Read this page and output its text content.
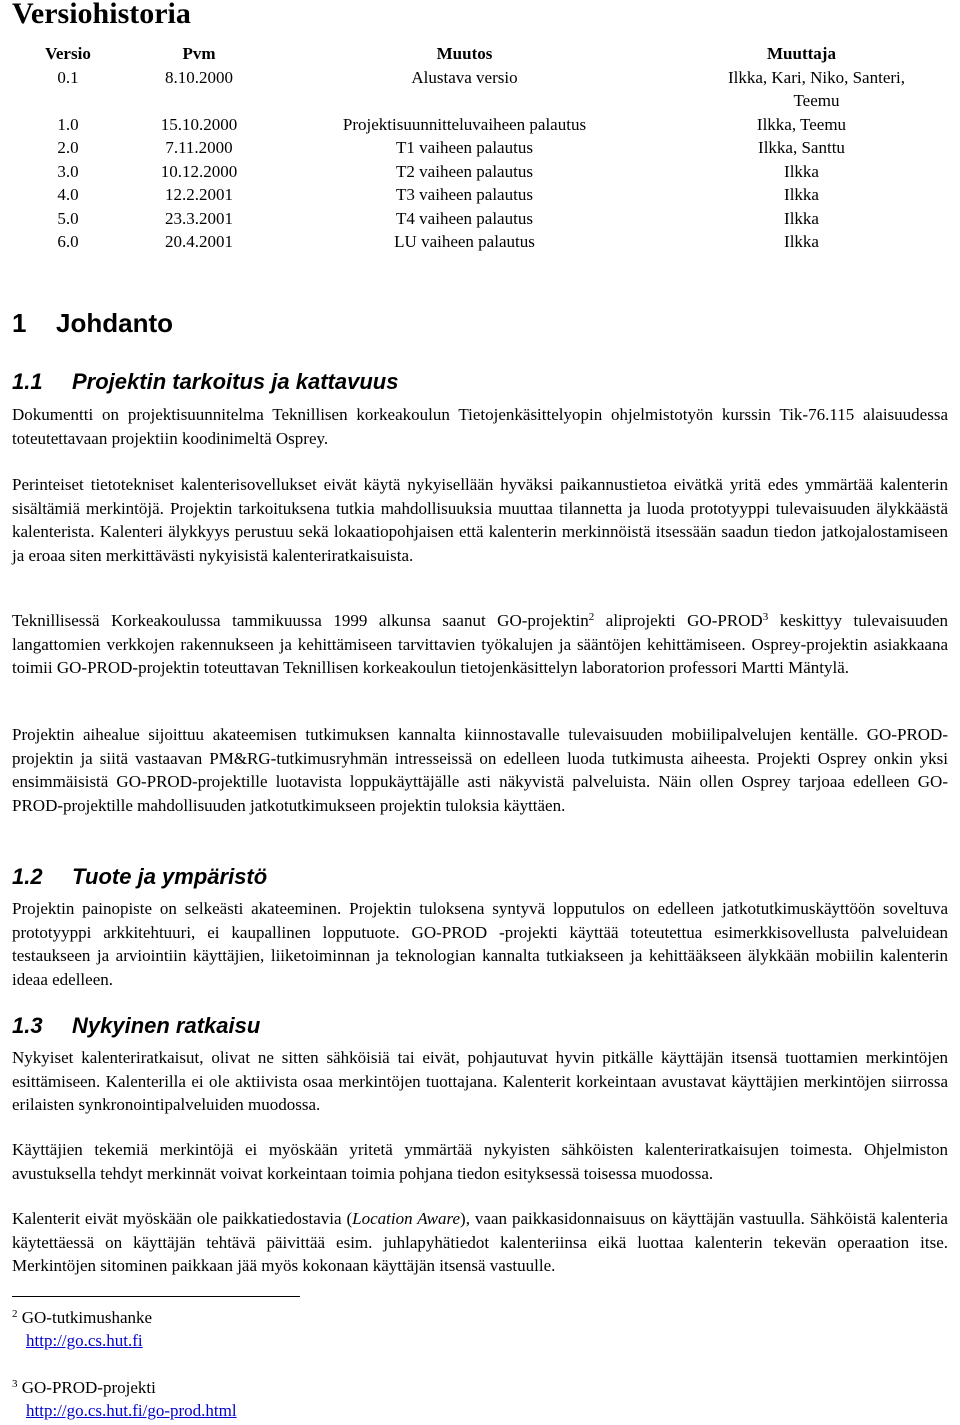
Versiohistoria
Versio	Pvm	Muutos	Muuttaja
0.1	8.10.2000	Alustava versio	Ilkka, Kari, Niko, Santeri, Teemu
1.0	15.10.2000	Projektisuunnitteluvaiheen palautus	Ilkka, Teemu
2.0	7.11.2000	T1 vaiheen palautus	Ilkka, Santtu
3.0	10.12.2000	T2 vaiheen palautus	Ilkka
4.0	12.2.2001	T3 vaiheen palautus	Ilkka
5.0	23.3.2001	T4 vaiheen palautus	Ilkka
6.0	20.4.2001	LU vaiheen palautus	Ilkka
1 Johdanto
1.1 Projektin tarkoitus ja kattavuus

Dokumentti on projektisuunnitelma Teknillisen korkeakoulun Tietojenkäsittelyopin ohjelmistotyön kurssin Tik-76.115 alaisuudessa toteutettavaan projektiin koodinimeltä Osprey.

Perinteiset tietotekniset kalenterisovellukset eivät käytä nykyisellään hyväksi paikannustietoa eivätkä yritä edes ymmärtää kalenterin sisältämiä merkintöjä. Projektin tarkoituksena tutkia mahdollisuuksia muuttaa tilannetta ja luoda prototyyppi tulevaisuuden älykkäästä kalenterista. Kalenteri älykkyys perustuu sekä lokaatiopohjaisen että kalenterin merkinnöistä itsessään saadun tiedon jatkojalostamiseen ja eroaa siten merkittävästi nykyisistä kalenteriratkaisuista.

Teknillisessä Korkeakoulussa tammikuussa 1999 alkunsa saanut GO-projektin$^2$ aliprojekti GO-PROD$^3$ keskittyy tulevaisuuden langattomien verkkojen rakennukseen ja kehittämiseen tarvittavien työkalujen ja sääntöjen kehittämiseen. Osprey-projektin asiakkaana toimii GO-PROD-projektin toteuttavan Teknillisen korkeakoulun tietojenkäsittelyn laboratorion professori Martti Mäntylä.

Projektin aihealue sijoittuu akateemisen tutkimuksen kannalta kiinnostavalle tulevaisuuden mobiilipalvelujen kentälle. GO-PROD-projektin ja siitä vastaavan PM&RG-tutkimusryhmän intresseissä on edelleen luoda tutkimusta aiheesta. Projekti Osprey onkin yksi ensimmäisistä GO-PROD-projektille luotavista loppukäyttäjälle asti näkyvistä palveluista. Näin ollen Osprey tarjoaa edelleen GO-PROD-projektille mahdollisuuden jatkotutkimukseen projektin tuloksia käyttäen.

1.2 Tuote ja ympäristö

Projektin painopiste on selkeästi akateeminen. Projektin tuloksena syntyvä lopputulos on edelleen jatkotutkimuskäyttöön soveltuva prototyyppi arkkitehtuuri, ei kaupallinen lopputuote. GO-PROD -projekti käyttää toteutettua esimerkkisovellusta palveluidean testaukseen ja arviointiin käyttäjien, liiketoiminnan ja teknologian kannalta tutkiakseen ja kehittääkseen älykkään mobiilin kalenterin ideaa edelleen.

1.3 Nykyinen ratkaisu

Nykyiset kalenteriratkaisut, olivat ne sitten sähköisiä tai eivät, pohjautuvat hyvin pitkälle käyttäjän itsensä tuottamien merkintöjen esittämiseen. Kalenterilla ei ole aktiivista osaa merkintöjen tuottajana. Kalenterit korkeintaan avustavat käyttäjien merkintöjen siirrossa erilaisten synkronointipalveluiden muodossa.

Käyttäjien tekemiä merkintöjä ei myöskään yritetä ymmärtää nykyisten sähköisten kalenteriratkaisujen toimesta. Ohjelmiston avustuksella tehdyt merkinnät voivat korkeintaan toimia pohjana tiedon esityksessä toisessa muodossa.

Kalenterit eivät myöskään ole paikkatiedostavia (Location Aware), vaan paikkasidonnaisuus on käyttäjän vastuulla. Sähköistä kalenteria käytettäessä on käyttäjän tehtävä päivittää esim. juhlapyhätiedot kalenteriinsa eikä luottaa kalenterin tekevän operaation itse. Merkintöjen sitominen paikkaan jää myös kokonaan käyttäjän itsensä vastuulle.

$^2$ GO-tutkimushanke
http://go.cs.hut.fi
$^3$ GO-PROD-projekti
http://go.cs.hut.fi/go-prod.html
